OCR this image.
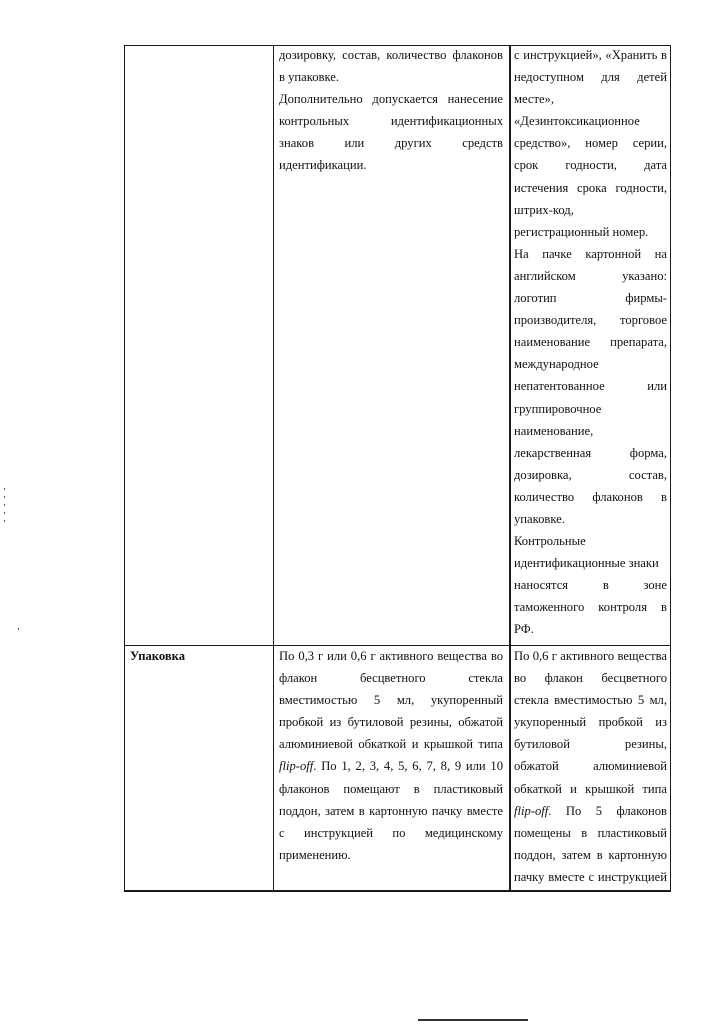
дозировку, состав, количество флаконов

в упаковке.

Дополнительно допускается нанесение

контрольных идентификационных

знаков или других средств

идентификации.

с инструкцией», «Хранить в

недоступном для детей

месте»,

«Дезинтоксикационное

средство», номер серии,

срок годности, дата

истечения срока годности,

штрих-код,

регистрационный номер.

На пачке картонной на

английском указано:

логотип фирмы-

производителя, торговое

наименование препарата,

международное

непатентованное или

группировочное

наименование,

лекарственная форма,

дозировка, состав,

количество флаконов в

упаковке.

Контрольные

идентификационные знаки

наносятся в зоне

таможенного контроля в

РФ.

Упаковка	По 0,3 г или 0,6 г активного вещества во

флакон бесцветного стекла

вместимостью 5 мл, укупоренный

пробкой из бутиловой резины, обжатой

алюминиевой обкаткой и крышкой типа

flip-off. По 1, 2, 3, 4, 5, 6, 7, 8, 9 или 10

флаконов помещают в пластиковый

поддон, затем в картонную пачку вместе

с инструкцией по медицинскому

применению.

По 0,6 г активного вещества

во флакон бесцветного

стекла вместимостью 5 мл,

укупоренный пробкой из

бутиловой резины,

обжатой алюминиевой

обкаткой и крышкой типа

flip-off. По 5 флаконов

помещены в пластиковый

поддон, затем в картонную

пачку вместе с инструкцией
